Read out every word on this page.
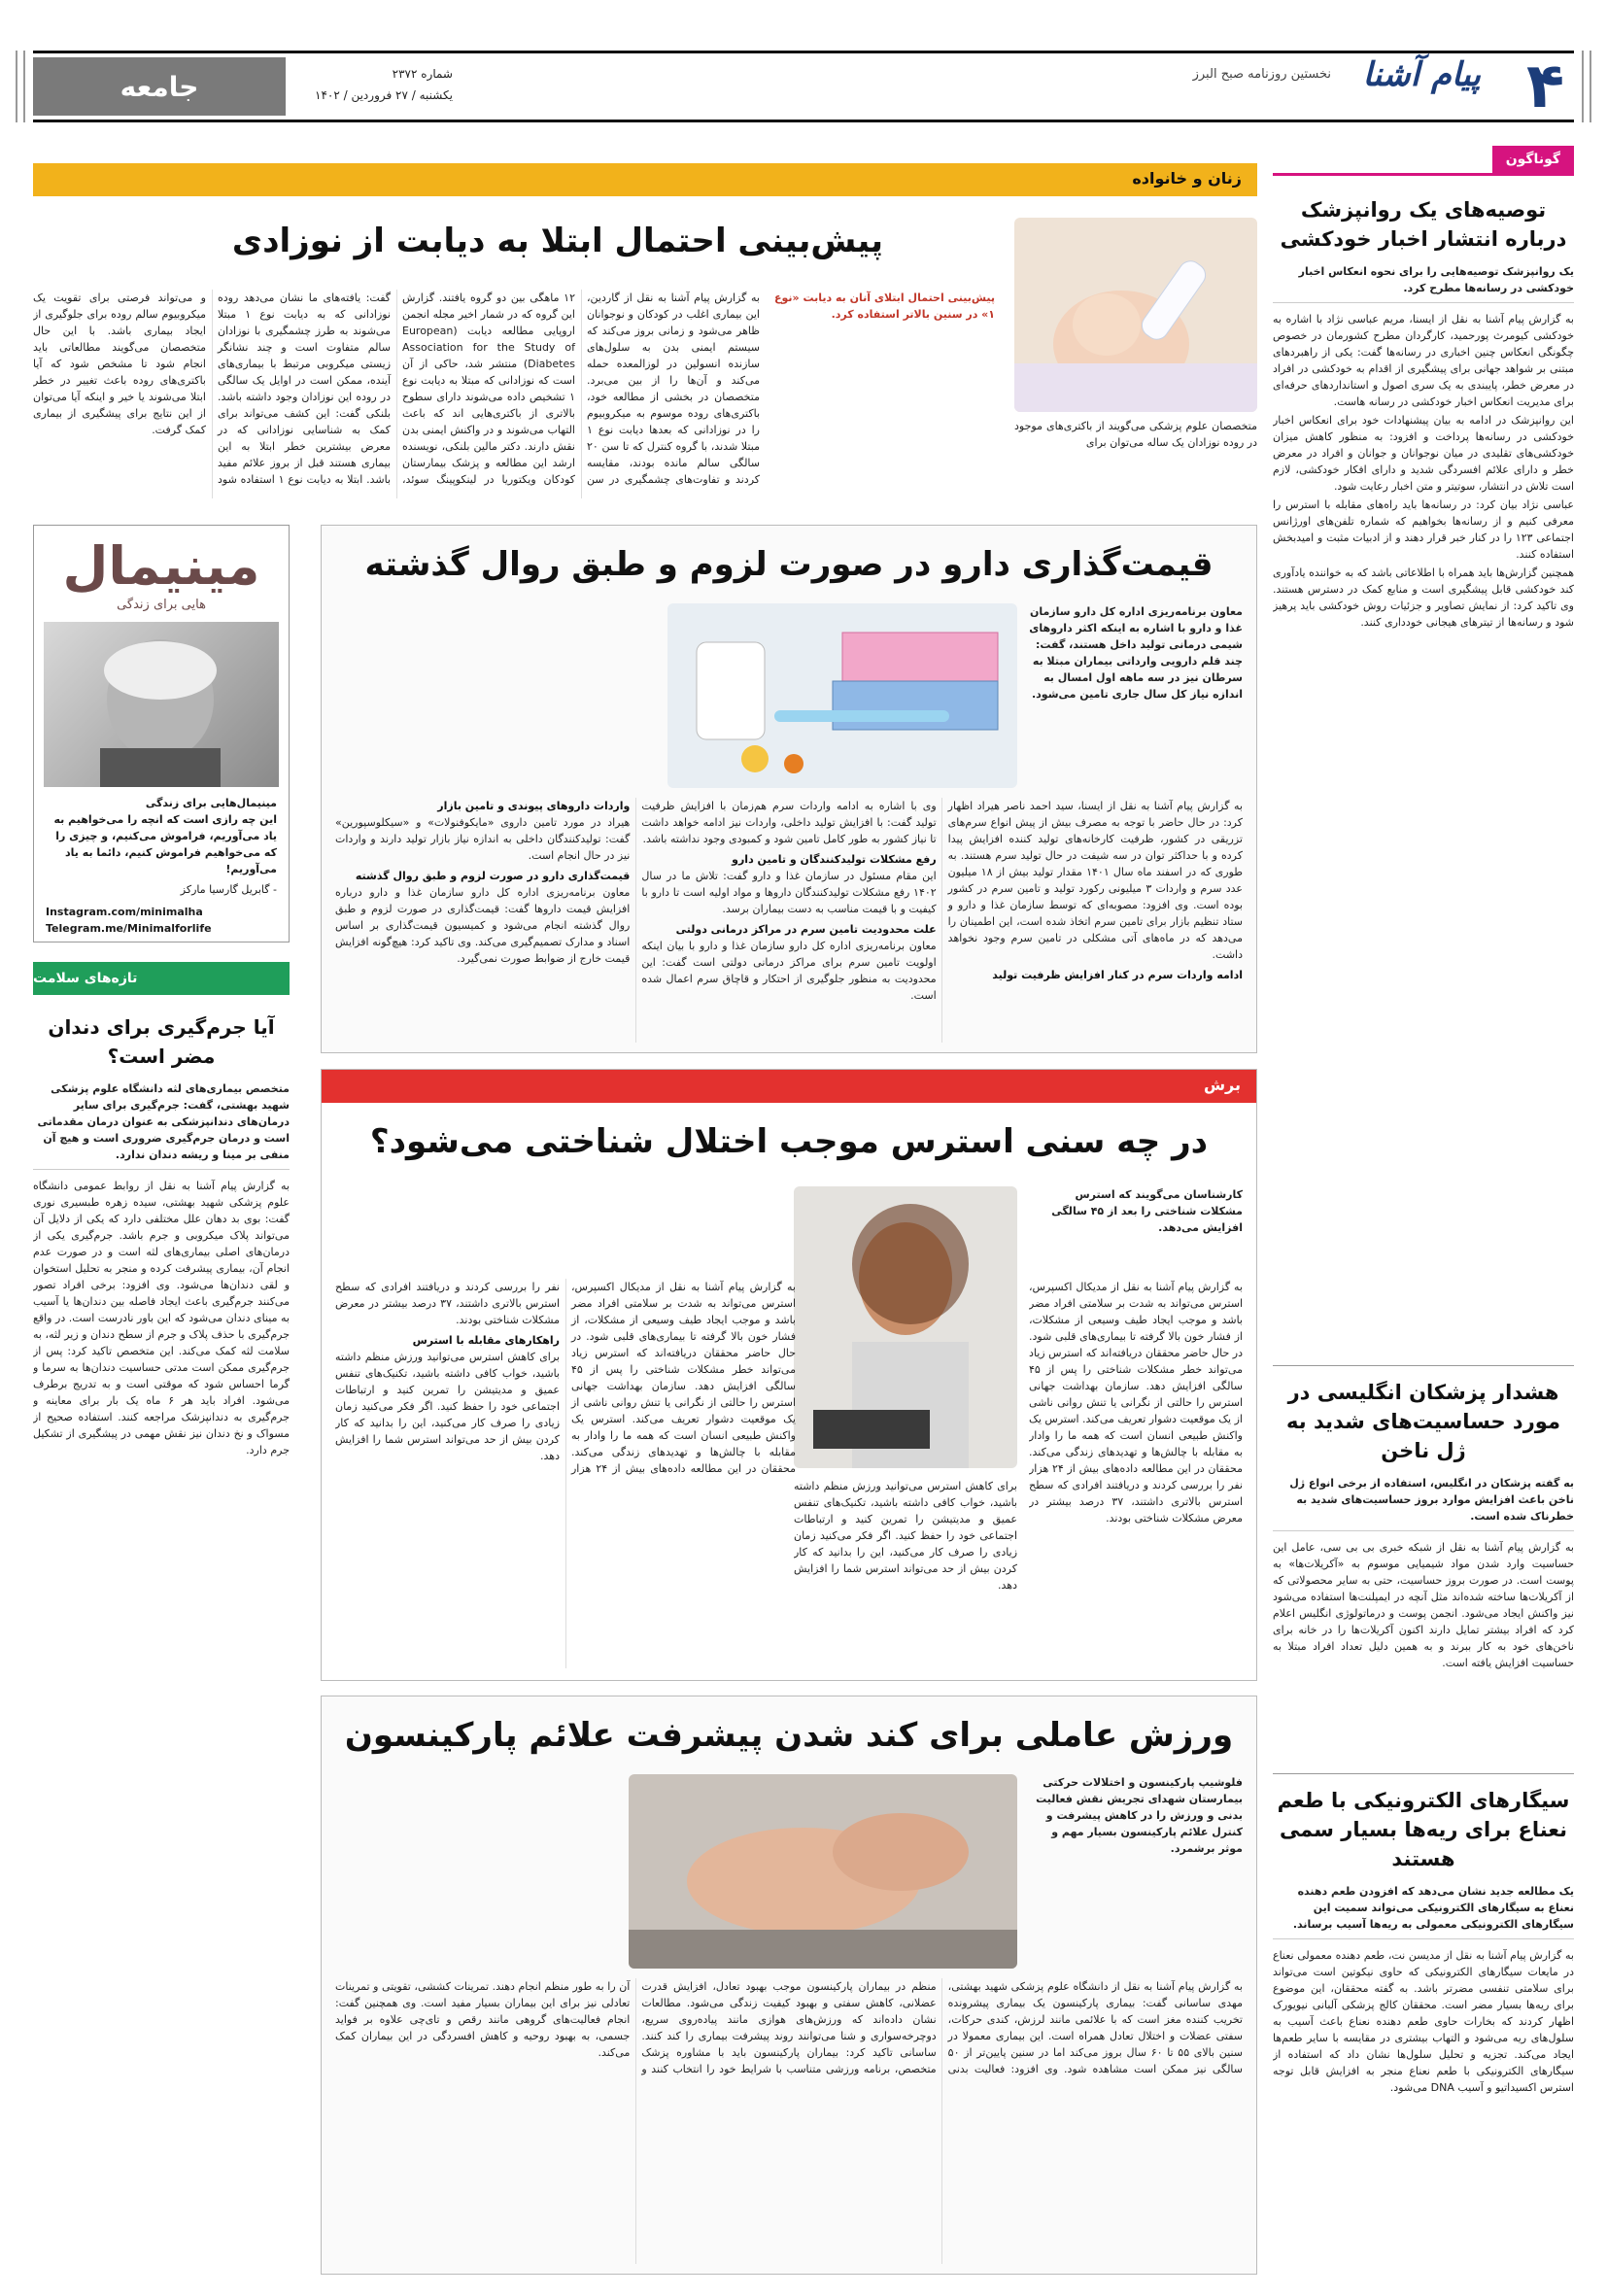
جامعه	شماره ۲۳۷۲
یکشنبه / ۲۷ فروردین / ۱۴۰۲
نخستین روزنامه صبح البرز پیام آشنا ۴
گوناگون
توصیه‌های یک روانپزشک درباره انتشار اخبار خودکشی
یک روانپزشک توصیه‌هایی را برای نحوه انعکاس اخبار خودکشی در رسانه‌ها مطرح کرد.

به گزارش پیام آشنا به نقل از ایسنا، مریم عباسی نژاد با اشاره به خودکشی کیومرث پورحمید، کارگردان مطرح کشورمان در خصوص چگونگی انعکاس چنین اخباری در رسانه‌ها گفت: یکی از راهبردهای مبتنی بر شواهد جهانی برای پیشگیری از اقدام به خودکشی در افراد در معرض خطر، پایبندی به یک سری اصول و استانداردهای حرفه‌ای برای مدیریت انعکاس اخبار خودکشی در رسانه هاست.

این روانپزشک در ادامه به بیان پیشنهادات خود برای انعکاس اخبار خودکشی در رسانه‌ها پرداخت و افزود: به منظور کاهش میزان خودکشی‌های تقلیدی در میان نوجوانان و جوانان و افراد در معرض خطر و دارای علائم افسردگی شدید و دارای افکار خودکشی، لازم است تلاش در انتشار، سوتیتر و متن اخبار رعایت شود.

عباسی نژاد بیان کرد: در رسانه‌ها باید راه‌های مقابله با استرس را معرفی کنیم و از رسانه‌ها بخواهیم که شماره تلفن‌های اورژانس اجتماعی ۱۲۳ را در کنار خبر قرار دهند و از ادبیات مثبت و امیدبخش استفاده کنند.

همچنین گزارش‌ها باید همراه با اطلاعاتی باشد که به خواننده یادآوری کند خودکشی قابل پیشگیری است و منابع کمک در دسترس هستند. وی تاکید کرد: از نمایش تصاویر و جزئیات روش خودکشی باید پرهیز شود و رسانه‌ها از تیترهای هیجانی خودداری کنند.

هشدار پزشکان انگلیسی در مورد حساسیت‌های شدید به ژل ناخن
به گفته پزشکان در انگلیس، استفاده از برخی انواع ژل ناخن باعث افزایش موارد بروز حساسیت‌های شدید به خطرناک شده است.
به گزارش پیام آشنا به نقل از شبکه خبری بی بی سی، عامل این حساسیت وارد شدن مواد شیمیایی موسوم به «آکریلات‌ها» به پوست است. در صورت بروز حساسیت، حتی به سایر محصولاتی که از آکریلات‌ها ساخته شده‌اند مثل آنچه در ایمپلنت‌ها استفاده می‌شود نیز واکنش ایجاد می‌شود. انجمن پوست و درماتولوژی انگلیس اعلام کرد که افراد بیشتر تمایل دارند اکنون آکریلات‌ها را در خانه برای ناخن‌های خود به کار ببرند و به همین دلیل تعداد افراد مبتلا به حساسیت افزایش یافته است.
سیگارهای الکترونیکی با طعم نعناع برای ریه‌ها بسیار سمی هستند
یک مطالعه جدید نشان می‌دهد که افزودن طعم دهنده نعناع به سیگارهای الکترونیکی می‌تواند سمیت این سیگارهای الکترونیکی معمولی به ریه‌ها آسیب برساند.
به گزارش پیام آشنا به نقل از مدیسن نت، طعم دهنده معمولی نعناع در مایعات سیگارهای الکترونیکی که حاوی نیکوتین است می‌تواند برای سلامتی تنفسی مضرتر باشد. به گفته محققان، این موضوع برای ریه‌ها بسیار مضر است. محققان کالج پزشکی آلبانی نیویورک اظهار کردند که بخارات حاوی طعم دهنده نعناع باعث آسیب به سلول‌های ریه می‌شود و التهاب بیشتری در مقایسه با سایر طعم‌ها ایجاد می‌کند. تجزیه و تحلیل سلول‌ها نشان داد که استفاده از سیگارهای الکترونیکی با طعم نعناع منجر به افزایش قابل توجه استرس اکسیداتیو و آسیب DNA می‌شود.
زنان و خانواده
پیش‌بینی احتمال ابتلا به دیابت از نوزادی
متخصصان علوم پزشکی می‌گویند از باکتری‌های موجود در روده نوزادان یک ساله می‌توان برای
پیش‌بینی احتمال ابتلای آنان به دیابت «نوع ۱» در سنین بالاتر استفاده کرد.
به گزارش پیام آشنا به نقل از گاردین، این بیماری اغلب در کودکان و نوجوانان ظاهر می‌شود و زمانی بروز می‌کند که سیستم ایمنی بدن به سلول‌های سازنده انسولین در لوزالمعده حمله می‌کند و آن‌ها را از بین می‌برد. متخصصان در بخشی از مطالعه خود، باکتری‌های روده موسوم به میکروبیوم را در نوزادانی که بعدها دیابت نوع ۱ مبتلا شدند، با گروه کنترل که تا سن ۲۰ سالگی سالم مانده بودند، مقایسه کردند و تفاوت‌های چشمگیری در سن ۱۲ ماهگی بین دو گروه یافتند. گزارش این گروه که در شمار اخیر مجله انجمن اروپایی مطالعه دیابت (European Association for the Study of Diabetes) منتشر شد، حاکی از آن است که نوزادانی که مبتلا به دیابت نوع ۱ تشخیص داده می‌شوند دارای سطوح بالاتری از باکتری‌هایی اند که باعث التهاب می‌شوند و در واکنش ایمنی بدن نقش دارند. دکتر مالین بلنکی، نویسنده ارشد این مطالعه و پزشک بیمارستان کودکان ویکتوریا در لینکوپینگ سوئد، گفت: یافته‌های ما نشان می‌دهد روده نوزادانی که به دیابت نوع ۱ مبتلا می‌شوند به طرز چشمگیری با نوزادان سالم متفاوت است و چند نشانگر زیستی میکروبی مرتبط با بیماری‌های آینده، ممکن است در اوایل یک سالگی در روده این نوزادان وجود داشته باشد. بلنکی گفت: این کشف می‌تواند برای کمک به شناسایی نوزادانی که در معرض بیشترین خطر ابتلا به این بیماری هستند قبل از بروز علائم مفید باشد. ابتلا به دیابت نوع ۱ استفاده شود و می‌تواند فرصتی برای تقویت یک میکروبیوم سالم روده برای جلوگیری از ایجاد بیماری باشد. با این حال متخصصان می‌گویند مطالعاتی باید انجام شود تا مشخص شود که آیا باکتری‌های روده باعث تغییر در خطر ابتلا می‌شوند یا خیر و اینکه آیا می‌توان از این نتایج برای پیشگیری از بیماری کمک گرفت.
مینیمال
هایی برای زندگی
مینیمال‌هایی برای زندگی
این چه رازی است که انچه را می‌خواهیم به یاد می‌آوریم، فراموش می‌کنیم، و چیزی را که می‌خواهیم فراموش کنیم، دائما به یاد می‌آوریم!
- گابریل گارسیا مارکز
Instagram.com/minimalha
Telegram.me/Minimalforlife
تازه‌های سلامت
آیا جرم‌گیری برای دندان مضر است؟
متخصص بیماری‌های لثه دانشگاه علوم پزشکی شهید بهشتی، گفت: جرم‌گیری برای سایر درمان‌های دندانپزشکی به عنوان درمان مقدماتی است و درمان جرم‌گیری ضروری است و هیچ آن منفی بر مینا و ریشه دندان ندارد.
به گزارش پیام آشنا به نقل از روابط عمومی دانشگاه علوم پزشکی شهید بهشتی، سیده زهره طبسیری نوری گفت: بوی بد دهان علل مختلفی دارد که یکی از دلایل آن می‌تواند پلاک میکروبی و جرم باشد. جرم‌گیری یکی از درمان‌های اصلی بیماری‌های لثه است و در صورت عدم انجام آن، بیماری پیشرفت کرده و منجر به تحلیل استخوان و لقی دندان‌ها می‌شود. وی افزود: برخی افراد تصور می‌کنند جرم‌گیری باعث ایجاد فاصله بین دندان‌ها یا آسیب به مینای دندان می‌شود که این باور نادرست است. در واقع جرم‌گیری با حذف پلاک و جرم از سطح دندان و زیر لثه، به سلامت لثه کمک می‌کند. این متخصص تاکید کرد: پس از جرم‌گیری ممکن است مدتی حساسیت دندان‌ها به سرما و گرما احساس شود که موقتی است و به تدریج برطرف می‌شود. افراد باید هر ۶ ماه یک بار برای معاینه و جرم‌گیری به دندانپزشک مراجعه کنند. استفاده صحیح از مسواک و نخ دندان نیز نقش مهمی در پیشگیری از تشکیل جرم دارد.
قیمت‌گذاری دارو در صورت لزوم و طبق روال گذشته
معاون برنامه‌ریزی اداره کل دارو سازمان غذا و دارو با اشاره به اینکه اکثر داروهای شیمی درمانی تولید داخل هستند، گفت: چند قلم دارویی وارداتی بیماران مبتلا به سرطان نیز در سه ماهه اول امسال به اندازه نیاز کل سال جاری تامین می‌شود.

به گزارش پیام آشنا به نقل از ایسنا، سید احمد ناصر هیراد اظهار کرد: در حال حاضر با توجه به مصرف بیش از پیش انواع سرم‌های تزریقی در کشور، ظرفیت کارخانه‌های تولید کننده افزایش پیدا کرده و با حداکثر توان در سه شیفت در حال تولید سرم هستند. به طوری که در اسفند ماه سال ۱۴۰۱ مقدار تولید بیش از ۱۸ میلیون عدد سرم و واردات ۳ میلیونی رکورد تولید و تامین سرم در کشور بوده است. وی افزود: مصوبه‌ای که توسط سازمان غذا و دارو و ستاد تنظیم بازار برای تامین سرم اتخاذ شده است، این اطمینان را می‌دهد که در ماه‌های آتی مشکلی در تامین سرم وجود نخواهد داشت.

ادامه واردات سرم در کنار افزایش ظرفیت تولید

وی با اشاره به ادامه واردات سرم هم‌زمان با افزایش ظرفیت تولید گفت: با افزایش تولید داخلی، واردات نیز ادامه خواهد داشت تا نیاز کشور به طور کامل تامین شود و کمبودی وجود نداشته باشد.

رفع مشکلات تولیدکنندگان و تامین دارو

این مقام مسئول در سازمان غذا و دارو گفت: تلاش ما در سال ۱۴۰۲ رفع مشکلات تولیدکنندگان داروها و مواد اولیه است تا دارو با کیفیت و با قیمت مناسب به دست بیماران برسد.

علت محدودیت تامین سرم در مراکز درمانی دولتی

معاون برنامه‌ریزی اداره کل دارو سازمان غذا و دارو با بیان اینکه اولویت تامین سرم برای مراکز درمانی دولتی است گفت: این محدودیت به منظور جلوگیری از احتکار و قاچاق سرم اعمال شده است.

واردات داروهای پیوندی و تامین بازار

هیراد در مورد تامین داروی «مایکوفنولات» و «سیکلوسپورین» گفت: تولیدکنندگان داخلی به اندازه نیاز بازار تولید دارند و واردات نیز در حال انجام است.

قیمت‌گذاری دارو در صورت لزوم و طبق روال گذشته

معاون برنامه‌ریزی اداره کل دارو سازمان غذا و دارو درباره افزایش قیمت داروها گفت: قیمت‌گذاری در صورت لزوم و طبق روال گذشته انجام می‌شود و کمیسیون قیمت‌گذاری بر اساس اسناد و مدارک تصمیم‌گیری می‌کند. وی تاکید کرد: هیچ‌گونه افزایش قیمت خارج از ضوابط صورت نمی‌گیرد.

برش
در چه سنی استرس موجب اختلال شناختی می‌شود؟
کارشناسان می‌گویند که استرس مشکلات شناختی را بعد از ۴۵ سالگی افزایش می‌دهد.
به گزارش پیام آشنا به نقل از مدیکال اکسپرس، استرس می‌تواند به شدت بر سلامتی افراد مضر باشد و موجب ایجاد طیف وسیعی از مشکلات، از فشار خون بالا گرفته تا بیماری‌های قلبی شود. در حال حاضر محققان دریافته‌اند که استرس زیاد می‌تواند خطر مشکلات شناختی را پس از ۴۵ سالگی افزایش دهد. سازمان بهداشت جهانی استرس را حالتی از نگرانی یا تنش روانی ناشی از یک موقعیت دشوار تعریف می‌کند. استرس یک واکنش طبیعی انسان است که همه ما را وادار به مقابله با چالش‌ها و تهدیدهای زندگی می‌کند. محققان در این مطالعه داده‌های بیش از ۲۴ هزار نفر را بررسی کردند و دریافتند افرادی که سطح استرس بالاتری داشتند، ۳۷ درصد بیشتر در معرض مشکلات شناختی بودند.

به گزارش پیام آشنا به نقل از مدیکال اکسپرس، استرس می‌تواند به شدت بر سلامتی افراد مضر باشد و موجب ایجاد طیف وسیعی از مشکلات، از فشار خون بالا گرفته تا بیماری‌های قلبی شود. در حال حاضر محققان دریافته‌اند که استرس زیاد می‌تواند خطر مشکلات شناختی را پس از ۴۵ سالگی افزایش دهد. سازمان بهداشت جهانی استرس را حالتی از نگرانی یا تنش روانی ناشی از یک موقعیت دشوار تعریف می‌کند. استرس یک واکنش طبیعی انسان است که همه ما را وادار به مقابله با چالش‌ها و تهدیدهای زندگی می‌کند. محققان در این مطالعه داده‌های بیش از ۲۴ هزار نفر را بررسی کردند و دریافتند افرادی که سطح استرس بالاتری داشتند، ۳۷ درصد بیشتر در معرض مشکلات شناختی بودند.

راهکارهای مقابله با استرس

برای کاهش استرس می‌توانید ورزش منظم داشته باشید، خواب کافی داشته باشید، تکنیک‌های تنفس عمیق و مدیتیشن را تمرین کنید و ارتباطات اجتماعی خود را حفظ کنید. اگر فکر می‌کنید زمان زیادی را صرف کار می‌کنید، این را بدانید که کار کردن بیش از حد می‌تواند استرس شما را افزایش دهد.

برای کاهش استرس می‌توانید ورزش منظم داشته باشید، خواب کافی داشته باشید، تکنیک‌های تنفس عمیق و مدیتیشن را تمرین کنید و ارتباطات اجتماعی خود را حفظ کنید. اگر فکر می‌کنید زمان زیادی را صرف کار می‌کنید، این را بدانید که کار کردن بیش از حد می‌تواند استرس شما را افزایش دهد.
ورزش عاملی برای کند شدن پیشرفت علائم پارکینسون
فلوشیپ پارکینسون و اختلالات حرکتی بیمارستان شهدای تجریش نقش فعالیت بدنی و ورزش را در کاهش پیشرفت و کنترل علائم پارکینسون بسیار مهم و موثر برشمرد.
به گزارش پیام آشنا به نقل از دانشگاه علوم پزشکی شهید بهشتی، مهدی ساسانی گفت: بیماری پارکینسون یک بیماری پیشرونده تخریب کننده مغز است که با علائمی مانند لرزش، کندی حرکات، سفتی عضلات و اختلال تعادل همراه است. این بیماری معمولا در سنین بالای ۵۵ تا ۶۰ سال بروز می‌کند اما در سنین پایین‌تر از ۵۰ سالگی نیز ممکن است مشاهده شود. وی افزود: فعالیت بدنی منظم در بیماران پارکینسون موجب بهبود تعادل، افزایش قدرت عضلانی، کاهش سفتی و بهبود کیفیت زندگی می‌شود. مطالعات نشان داده‌اند که ورزش‌های هوازی مانند پیاده‌روی سریع، دوچرخه‌سواری و شنا می‌توانند روند پیشرفت بیماری را کند کنند. ساسانی تاکید کرد: بیماران پارکینسون باید با مشاوره پزشک متخصص، برنامه ورزشی متناسب با شرایط خود را انتخاب کنند و آن را به طور منظم انجام دهند. تمرینات کششی، تقویتی و تمرینات تعادلی نیز برای این بیماران بسیار مفید است. وی همچنین گفت: انجام فعالیت‌های گروهی مانند رقص و تای‌چی علاوه بر فواید جسمی، به بهبود روحیه و کاهش افسردگی در این بیماران کمک می‌کند.
